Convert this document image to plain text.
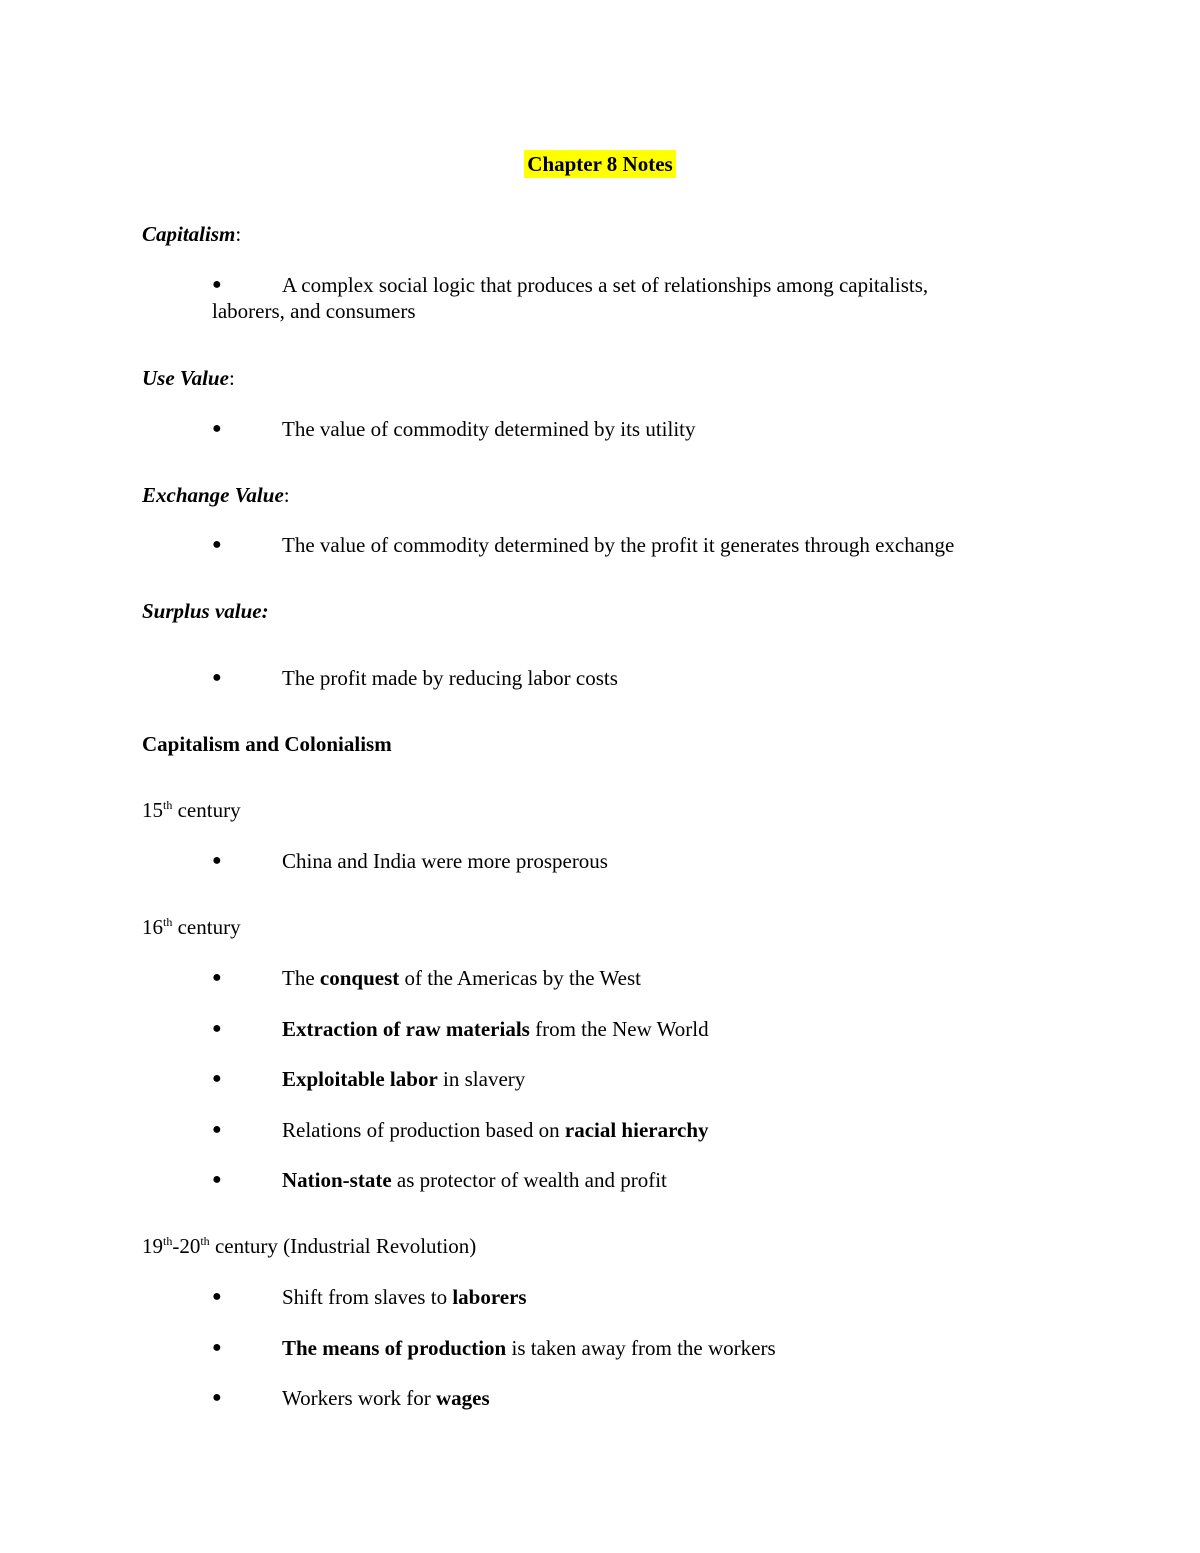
Chapter 8 Notes
Capitalism:
●	A complex social logic that produces a set of relationships among capitalists,
laborers, and consumers
Use Value:
●	The value of commodity determined by its utility
Exchange Value:
●	The value of commodity determined by the profit it generates through exchange
Surplus value:
●	The profit made by reducing labor costs
Capitalism and Colonialism
15th century
●	China and India were more prosperous
16th century
●	The conquest of the Americas by the West
●	Extraction of raw materials from the New World
●	Exploitable labor in slavery
●	Relations of production based on racial hierarchy
●	Nation-state as protector of wealth and profit
19th-20th century (Industrial Revolution)
●	Shift from slaves to laborers
●	The means of production is taken away from the workers
●	Workers work for wages
